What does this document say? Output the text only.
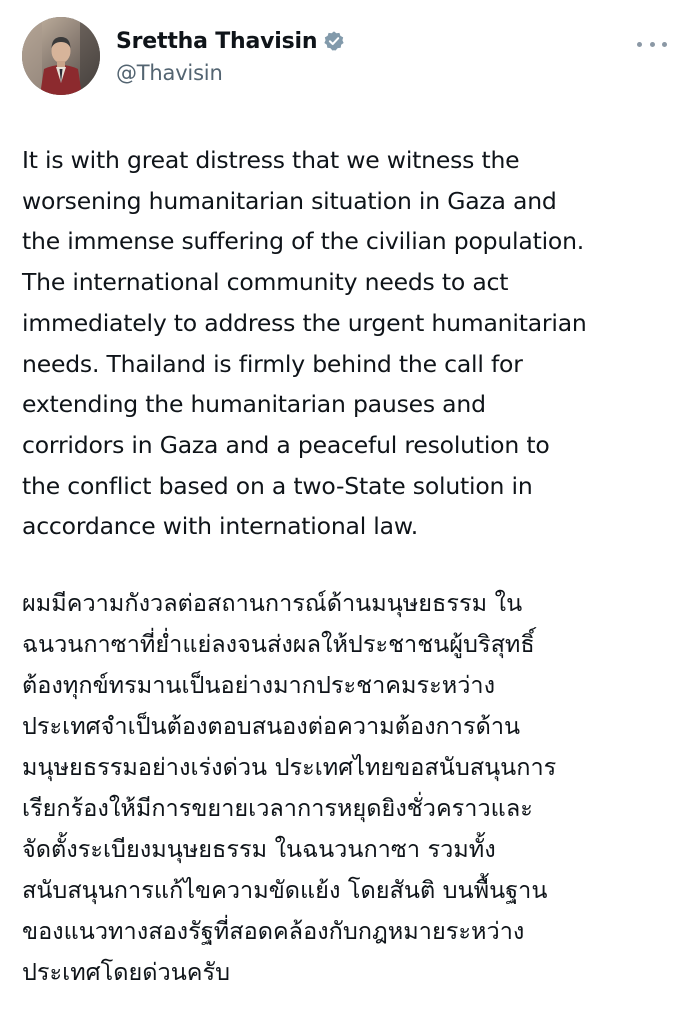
Srettha Thavisin
@Thavisin
It is with great distress that we witness the
worsening humanitarian situation in Gaza and
the immense suffering of the civilian population.
The international community needs to act
immediately to address the urgent humanitarian
needs. Thailand is firmly behind the call for
extending the humanitarian pauses and
corridors in Gaza and a peaceful resolution to
the conflict based on a two-State solution in
accordance with international law.
ผมมีความกังวลต่อสถานการณ์ด้านมนุษยธรรม ใน
ฉนวนกาซาที่ย่ำแย่ลงจนส่งผลให้ประชาชนผู้บริสุทธิ์
ต้องทุกข์ทรมานเป็นอย่างมากประชาคมระหว่าง
ประเทศจำเป็นต้องตอบสนองต่อความต้องการด้าน
มนุษยธรรมอย่างเร่งด่วน ประเทศไทยขอสนับสนุนการ
เรียกร้องให้มีการขยายเวลาการหยุดยิงชั่วคราวและ
จัดตั้งระเบียงมนุษยธรรม ในฉนวนกาซา รวมทั้ง
สนับสนุนการแก้ไขความขัดแย้ง โดยสันติ บนพื้นฐาน
ของแนวทางสองรัฐที่สอดคล้องกับกฎหมายระหว่าง
ประเทศโดยด่วนครับ
